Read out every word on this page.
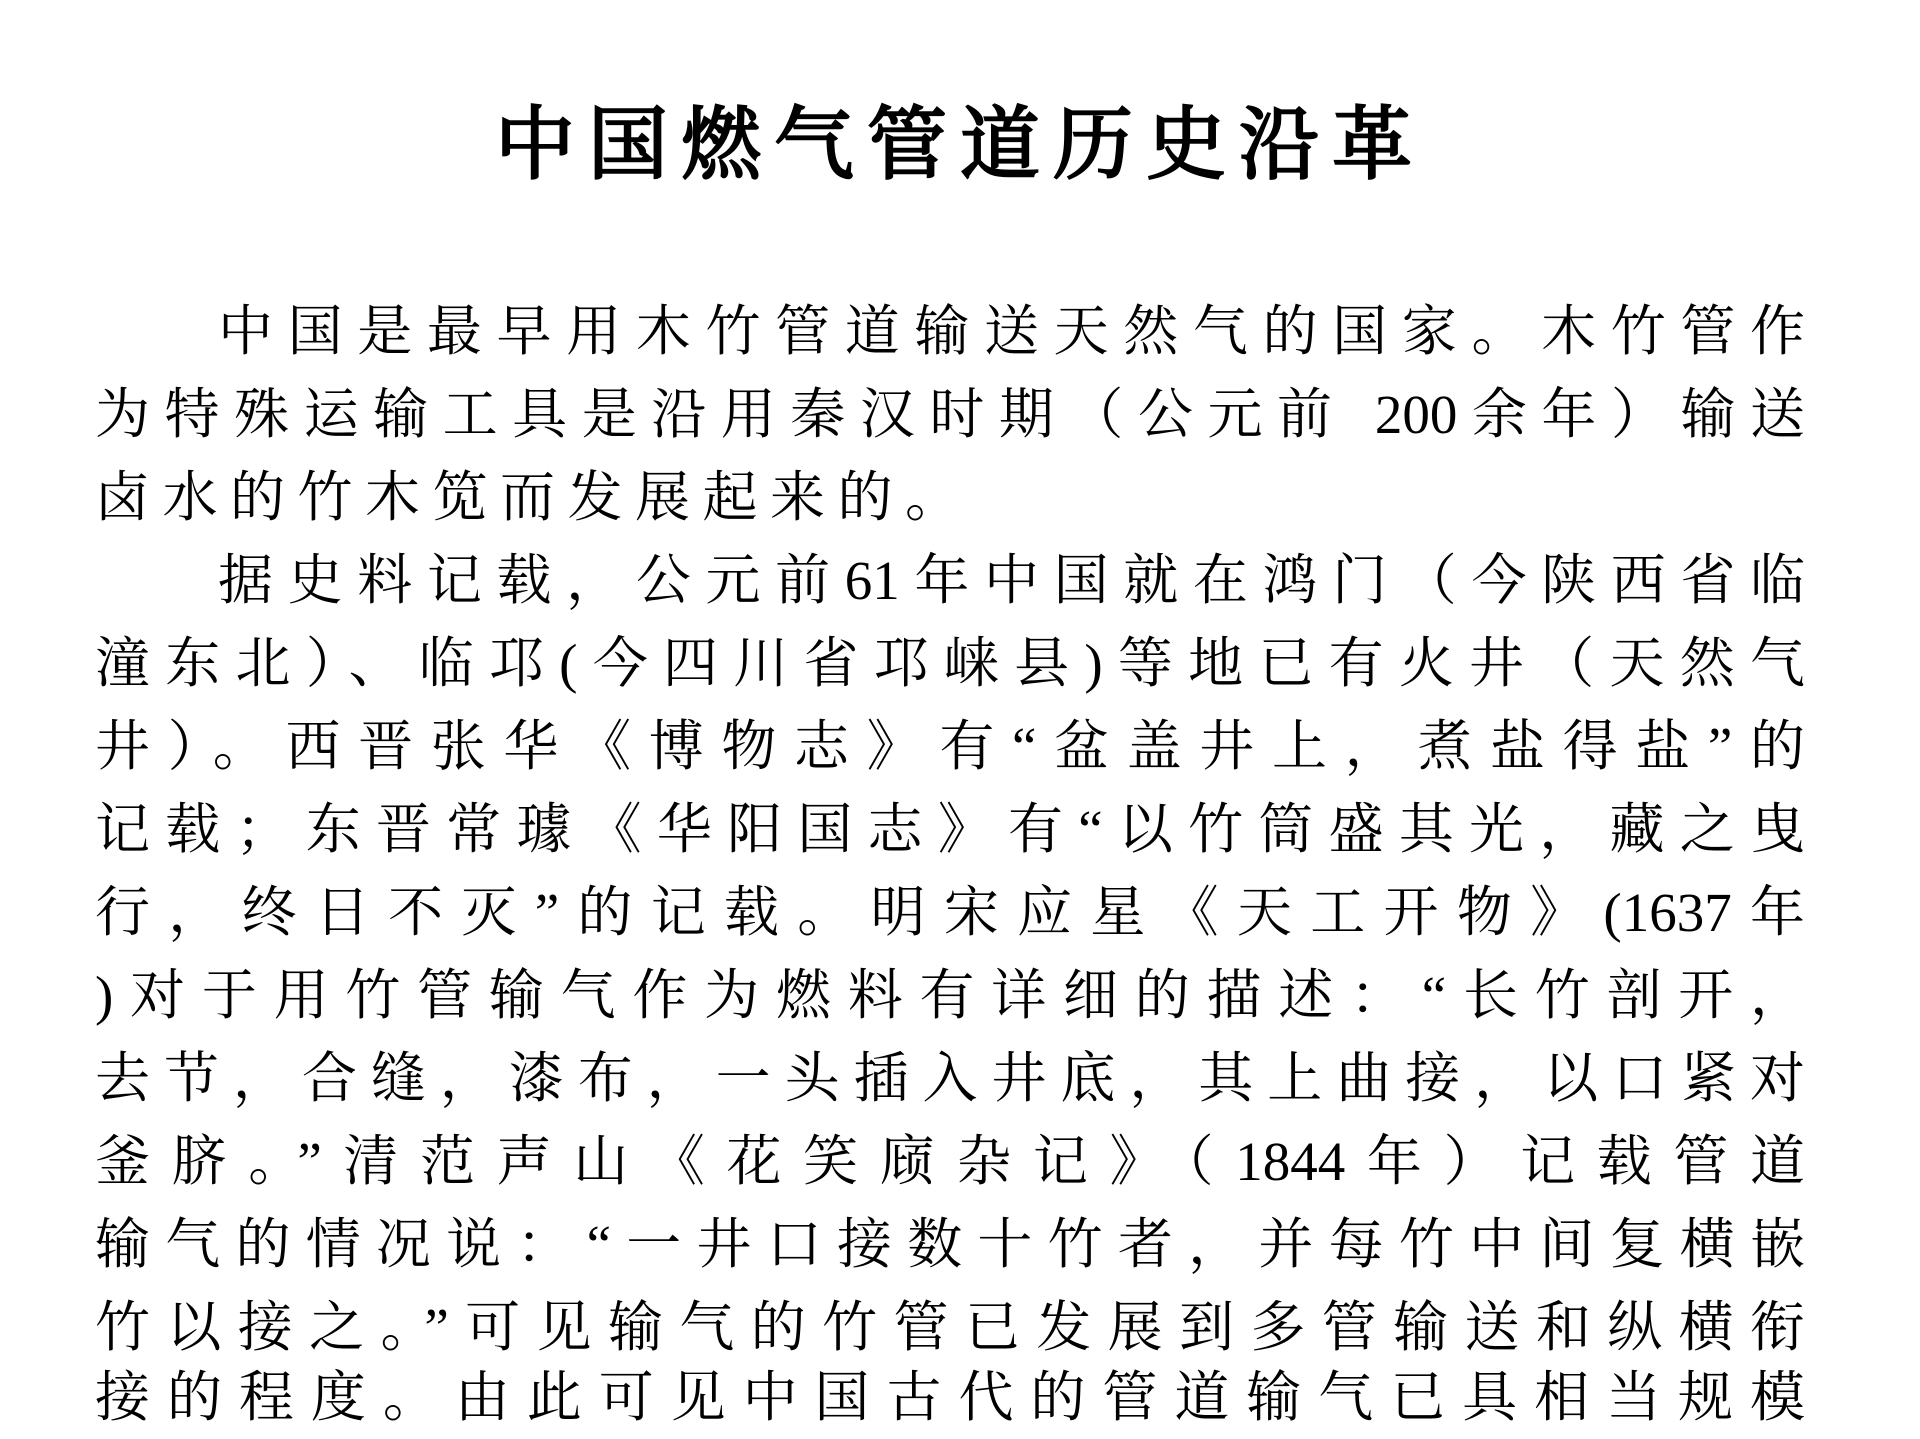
中国燃气管道历史沿革
中国是最早用木竹管道输送天然气的国家。木竹管作
为特殊运输工具是沿用秦汉时期（公元前 200余年）输送
卤水的竹木笕而发展起来的。
据史料记载，公元前61年中国就在鸿门（今陕西省临
潼东北）、临邛(今四川省邛崃县)等地已有火井（天然气
井）。西晋张华《博物志》有“盆盖井上，煮盐得盐”的
记载；东晋常璩《华阳国志》有“以竹筒盛其光，藏之曳
行，终日不灭”的记载。明宋应星《天工开物》(1637年
)对于用竹管输气作为燃料有详细的描述：“长竹剖开，
去节，合缝，漆布，一头插入井底，其上曲接，以口紧对
釜脐。”清范声山《花笑庼杂记》（1844年）记载管道
输气的情况说：“一井口接数十竹者，并每竹中间复横嵌
竹以接之。”可见输气的竹管已发展到多管输送和纵横衔
接的程度。由此可见中国古代的管道输气已具相当规模
